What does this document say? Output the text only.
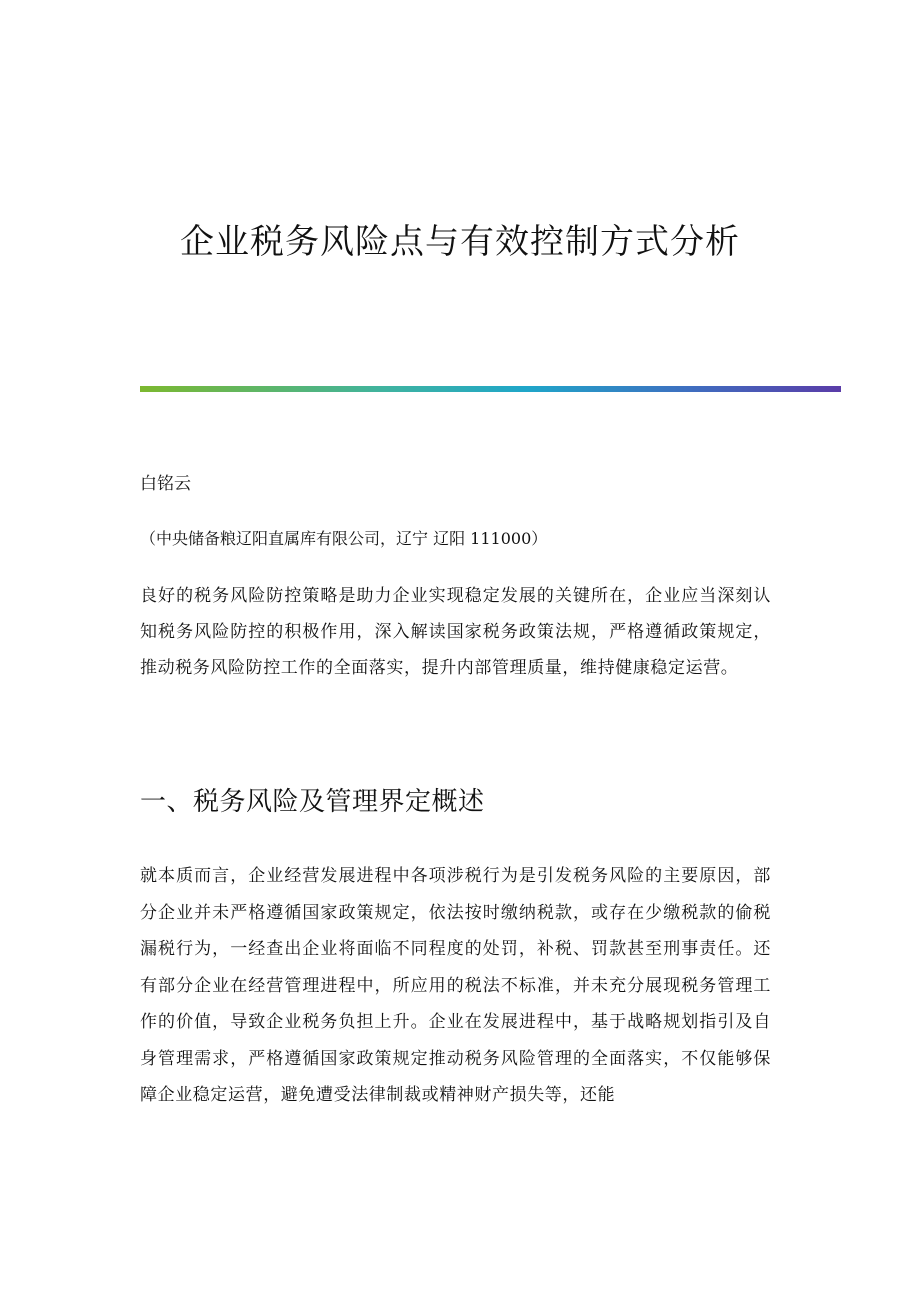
企业税务风险点与有效控制方式分析

白铭云

（中央储备粮辽阳直属库有限公司，辽宁 辽阳 111000）

良好的税务风险防控策略是助力企业实现稳定发展的关键所在，企业应当深刻认知税务风险防控的积极作用，深入解读国家税务政策法规，严格遵循政策规定，推动税务风险防控工作的全面落实，提升内部管理质量，维持健康稳定运营。

一、税务风险及管理界定概述

就本质而言，企业经营发展进程中各项涉税行为是引发税务风险的主要原因，部分企业并未严格遵循国家政策规定，依法按时缴纳税款，或存在少缴税款的偷税漏税行为，一经查出企业将面临不同程度的处罚，补税、罚款甚至刑事责任。还有部分企业在经营管理进程中，所应用的税法不标准，并未充分展现税务管理工作的价值，导致企业税务负担上升。企业在发展进程中，基于战略规划指引及自身管理需求，严格遵循国家政策规定推动税务风险管理的全面落实，不仅能够保障企业稳定运营，避免遭受法律制裁或精神财产损失等，还能
